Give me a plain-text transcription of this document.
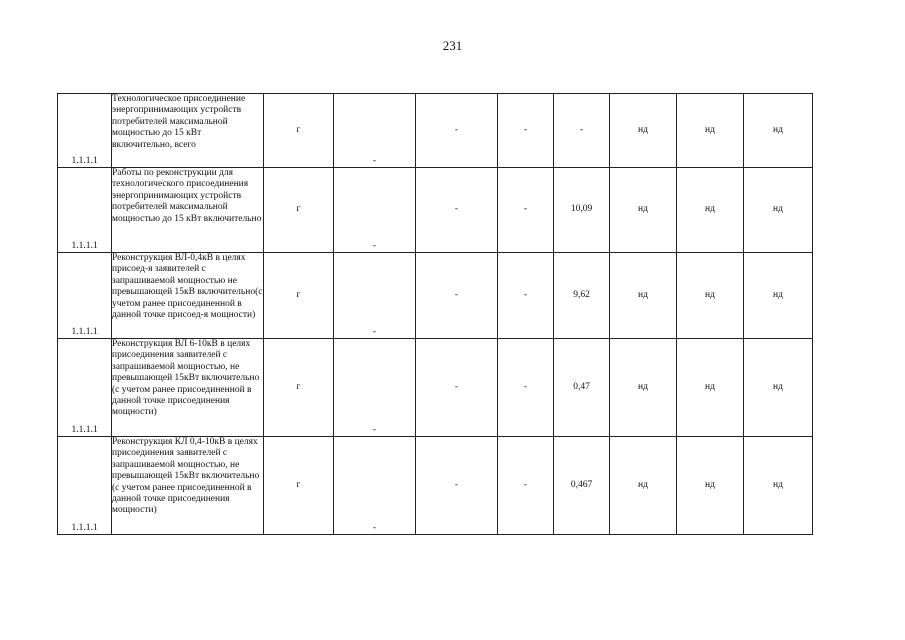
231
1.1.1.1	Технологическое присоединение энергопринимающих устройств потребителей максимальной мощностью до 15 кВт включительно, всего	г	-	-	-	-	нд	нд	нд
1.1.1.1	Работы по реконструкции для технологического присоединения энергопринимающих устройств потребителей максимальной мощностью до 15 кВт включительно	г	-	-	-	10,09	нд	нд	нд
1.1.1.1	Реконструкция ВЛ-0,4кВ в целях присоед-я заявителей с запрашиваемой мощностью не превышающей 15кВ включительно(с учетом ранее присоединенной в данной точке присоед-я мощности)	г	-	-	-	9,62	нд	нд	нд
1.1.1.1	Реконструкция ВЛ 6-10кВ в целях присоединения заявителей с запрашиваемой мощностью, не превышающей 15кВт включительно (с учетом ранее присоединенной в данной точке присоединения мощности)	г	-	-	-	0,47	нд	нд	нд
1.1.1.1	Реконструкция КЛ 0,4-10кВ в целях присоединения заявителей с запрашиваемой мощностью, не превышающей 15кВт включительно (с учетом ранее присоединенной в данной точке присоединения мощности)	г	-	-	-	0,467	нд	нд	нд
